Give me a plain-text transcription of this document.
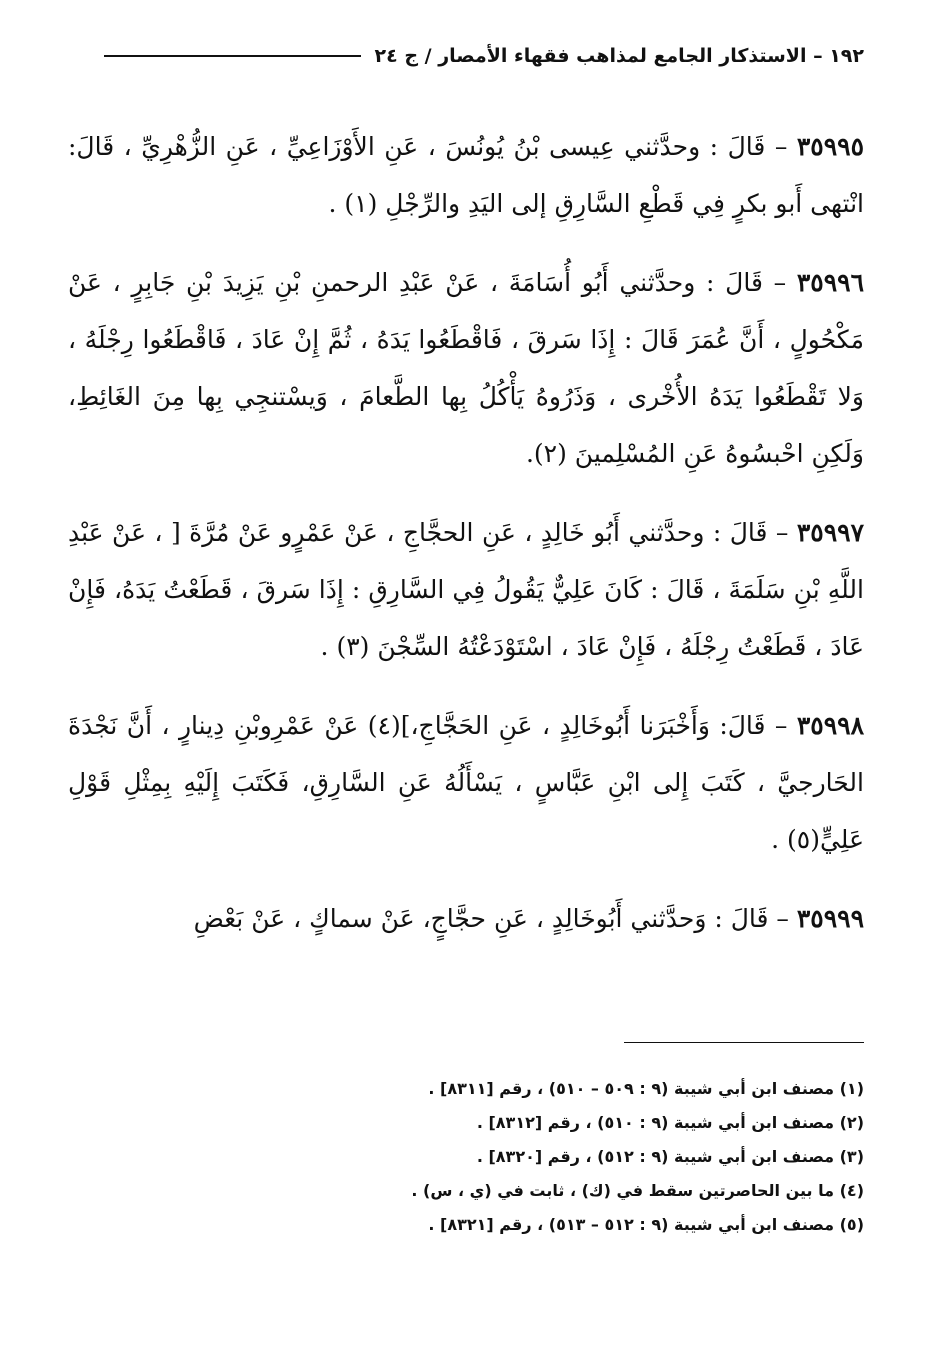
١٩٢ – الاستذكار الجامع لمذاهب فقهاء الأمصار / ج ٢٤

٣٥٩٩٥ – قَالَ : وحدَّثني عِيسى بْنُ يُونُسَ ، عَنِ الأَوْزَاعِيِّ ، عَنِ الزُّهْرِيِّ ، قَالَ: انْتهى أَبو بكرٍ فِي قَطْعِ السَّارِقِ إلى اليَدِ والرِّجْلِ (١) .

٣٥٩٩٦ – قَالَ : وحدَّثني أَبُو أُسَامَةَ ، عَنْ عَبْدِ الرحمنِ بْنِ يَزِيدَ بْنِ جَابِرٍ ، عَنْ مَكْحُولٍ ، أَنَّ عُمَرَ قَالَ : إِذَا سَرقَ ، فَاقْطَعُوا يَدَهُ ، ثُمَّ إِنْ عَادَ ، فَاقْطَعُوا رِجْلَهُ ، وَلا تَقْطَعُوا يَدَهُ الأُخْرى ، وَذَرُوهُ يَأْكُلُ بِها الطَّعامَ ، وَيسْتنجِي بِها مِنَ الغَائِطِ، وَلَكِنِ احْبسُوهُ عَنِ المُسْلِمينَ (٢).

٣٥٩٩٧ – قَالَ : وحدَّثني أَبُو خَالِدٍ ، عَنِ الحجَّاجِ ، عَنْ عَمْرٍو عَنْ مُرَّةَ [ ، عَنْ عَبْدِ اللَّهِ بْنِ سَلَمَةَ ، قَالَ : كَانَ عَلِيٌّ يَقُولُ فِي السَّارِقِ : إِذَا سَرقَ ، قَطَعْتُ يَدَهُ، فَإِنْ عَادَ ، قَطَعْتُ رِجْلَهُ ، فَإِنْ عَادَ ، اسْتَوْدَعْتُهُ السِّجْنَ (٣) .

٣٥٩٩٨ – قَالَ: وَأَخْبَرَنا أَبُوخَالِدٍ ، عَنِ الحَجَّاجِ،](٤) عَنْ عَمْرِوبْنِ دِينارٍ ، أَنَّ نَجْدَةَ الحَارجيَّ ، كَتَبَ إِلى ابْنِ عَبَّاسٍ ، يَسْأَلُهُ عَنِ السَّارِقِ، فَكَتَبَ إِلَيْهِ بِمِثْلِ قَوْلِ عَلِيٍّ(٥) .

٣٥٩٩٩ – قَالَ : وَحدَّثني أَبُوخَالِدٍ ، عَنِ حجَّاجٍ، عَنْ سماكٍ ، عَنْ بَعْضِ

(١) مصنف ابن أبي شيبة (٩ : ٥٠٩ – ٥١٠) ، رقم [٨٣١١] .
(٢) مصنف ابن أبي شيبة (٩ : ٥١٠) ، رقم [٨٣١٢] .
(٣) مصنف ابن أبي شيبة (٩ : ٥١٢) ، رقم [٨٣٢٠] .
(٤) ما بين الحاصرتين سقط في (ك) ، ثابت في (ي ، س) .
(٥) مصنف ابن أبي شيبة (٩ : ٥١٢ – ٥١٣) ، رقم [٨٣٢١] .
